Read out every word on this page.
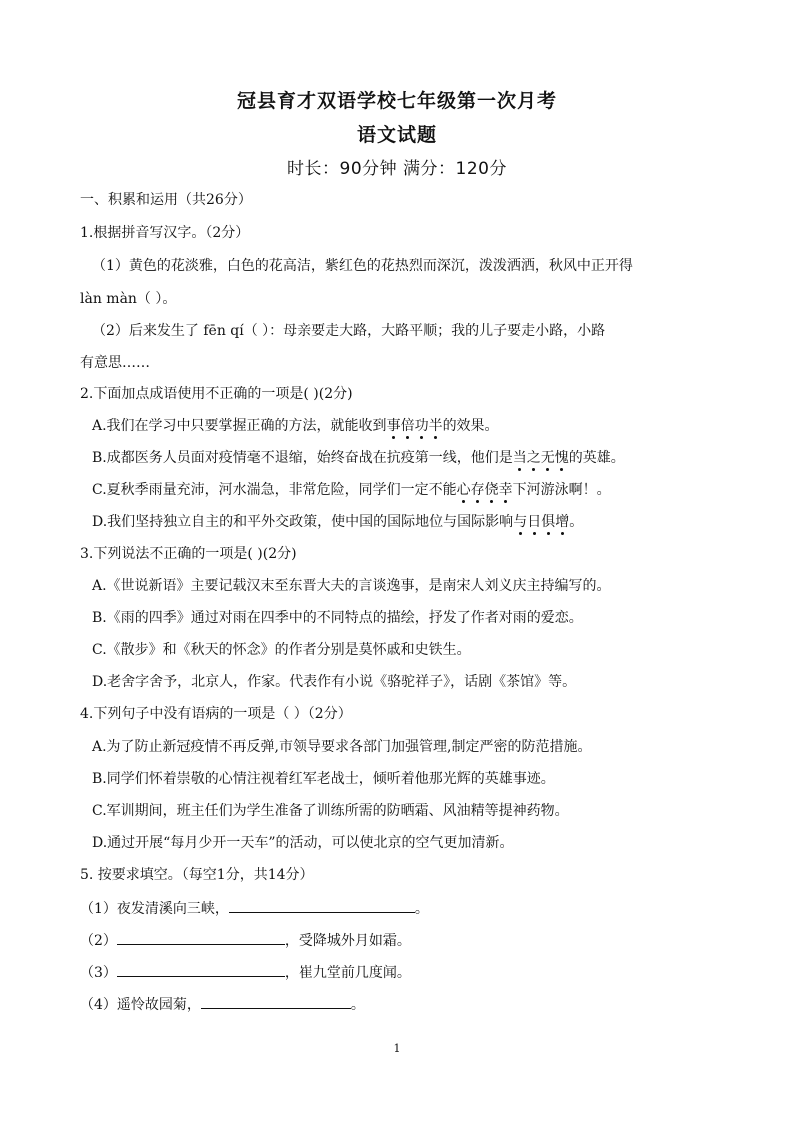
冠县育才双语学校七年级第一次月考
语文试题
时长：90分钟 满分：120分
一、积累和运用（共26分）
1.根据拼音写汉字。（2分）
（1）黄色的花淡雅，白色的花高洁，紫红色的花热烈而深沉，泼泼洒洒，秋风中正开得
làn màn（ ）。
（2）后来发生了 fēn qí（ ）：母亲要走大路，大路平顺；我的儿子要走小路，小路
有意思……
2.下面加点成语使用不正确的一项是( )(2分)
A.我们在学习中只要掌握正确的方法，就能收到事倍功半的效果。
B.成都医务人员面对疫情毫不退缩，始终奋战在抗疫第一线，他们是当之无愧的英雄。
C.夏秋季雨量充沛，河水湍急，非常危险，同学们一定不能心存侥幸下河游泳啊！。
D.我们坚持独立自主的和平外交政策，使中国的国际地位与国际影响与日俱增。
3.下列说法不正确的一项是( )(2分)
A.《世说新语》主要记载汉末至东晋大夫的言谈逸事，是南宋人刘义庆主持编写的。
B.《雨的四季》通过对雨在四季中的不同特点的描绘，抒发了作者对雨的爱恋。
C.《散步》和《秋天的怀念》的作者分别是莫怀戚和史铁生。
D.老舍字舍予，北京人，作家。代表作有小说《骆驼祥子》，话剧《茶馆》等。
4.下列句子中没有语病的一项是（ ）（2分）
A.为了防止新冠疫情不再反弹,市领导要求各部门加强管理,制定严密的防范措施。
B.同学们怀着崇敬的心情注视着红军老战士，倾听着他那光辉的英雄事迹。
C.军训期间，班主任们为学生准备了训练所需的防晒霜、风油精等提神药物。
D.通过开展“每月少开一天车”的活动，可以使北京的空气更加清新。
5. 按要求填空。（每空1分，共14分）
（1）夜发清溪向三峡，	。
（2）	，受降城外月如霜。
（3）	，崔九堂前几度闻。
（4）遥怜故园菊，	。
1
